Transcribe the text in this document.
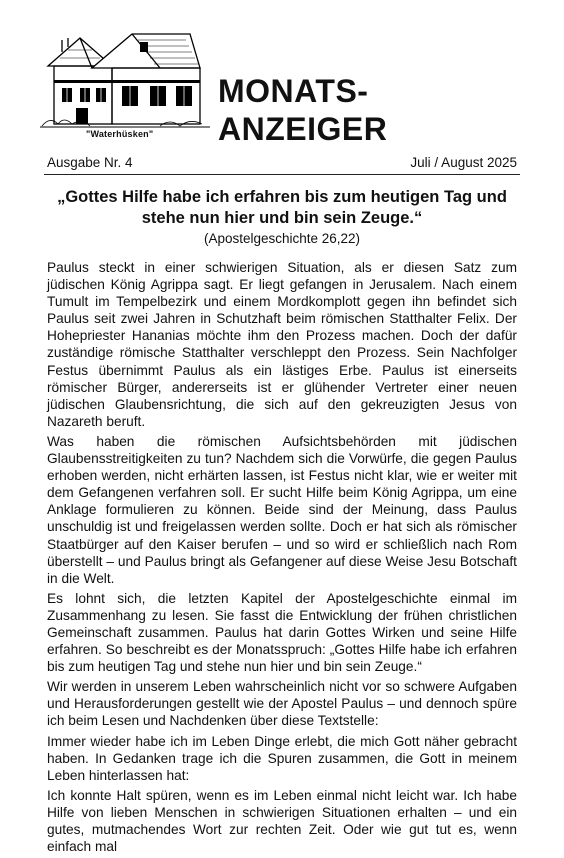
"Waterhüsken"
MONATS-
ANZEIGER
Ausgabe Nr. 4	Juli / August 2025
„Gottes Hilfe habe ich erfahren bis zum heutigen Tag und stehe nun hier und bin sein Zeuge.“
(Apostelgeschichte 26,22)

Paulus steckt in einer schwierigen Situation, als er diesen Satz zum jüdischen König Agrippa sagt. Er liegt gefangen in Jerusalem. Nach einem Tumult im Tempelbezirk und einem Mordkomplott gegen ihn befindet sich Paulus seit zwei Jahren in Schutzhaft beim römischen Statthalter Felix. Der Hohepriester Hananias möchte ihm den Prozess machen. Doch der dafür zuständige römische Statthalter verschleppt den Prozess. Sein Nachfolger Festus übernimmt Paulus als ein lästiges Erbe. Paulus ist einerseits römischer Bürger, andererseits ist er glühender Vertreter einer neuen jüdischen Glaubensrichtung, die sich auf den gekreuzigten Jesus von Nazareth beruft.

Was haben die römischen Aufsichtsbehörden mit jüdischen Glaubensstreitigkeiten zu tun? Nachdem sich die Vorwürfe, die gegen Paulus erhoben werden, nicht erhärten lassen, ist Festus nicht klar, wie er weiter mit dem Gefangenen verfahren soll. Er sucht Hilfe beim König Agrippa, um eine Anklage formulieren zu können. Beide sind der Meinung, dass Paulus unschuldig ist und freigelassen werden sollte. Doch er hat sich als römischer Staatbürger auf den Kaiser berufen – und so wird er schließlich nach Rom überstellt – und Paulus bringt als Gefangener auf diese Weise Jesu Botschaft in die Welt.

Es lohnt sich, die letzten Kapitel der Apostelgeschichte einmal im Zusammenhang zu lesen. Sie fasst die Entwicklung der frühen christlichen Gemeinschaft zusammen. Paulus hat darin Gottes Wirken und seine Hilfe erfahren. So beschreibt es der Monatsspruch: „Gottes Hilfe habe ich erfahren bis zum heutigen Tag und stehe nun hier und bin sein Zeuge.“

Wir werden in unserem Leben wahrscheinlich nicht vor so schwere Aufgaben und Herausforderungen gestellt wie der Apostel Paulus – und dennoch spüre ich beim Lesen und Nachdenken über diese Textstelle:

Immer wieder habe ich im Leben Dinge erlebt, die mich Gott näher gebracht haben. In Gedanken trage ich die Spuren zusammen, die Gott in meinem Leben hinterlassen hat:

Ich konnte Halt spüren, wenn es im Leben einmal nicht leicht war. Ich habe Hilfe von lieben Menschen in schwierigen Situationen erhalten – und ein gutes, mutmachendes Wort zur rechten Zeit. Oder wie gut tut es, wenn einfach mal
